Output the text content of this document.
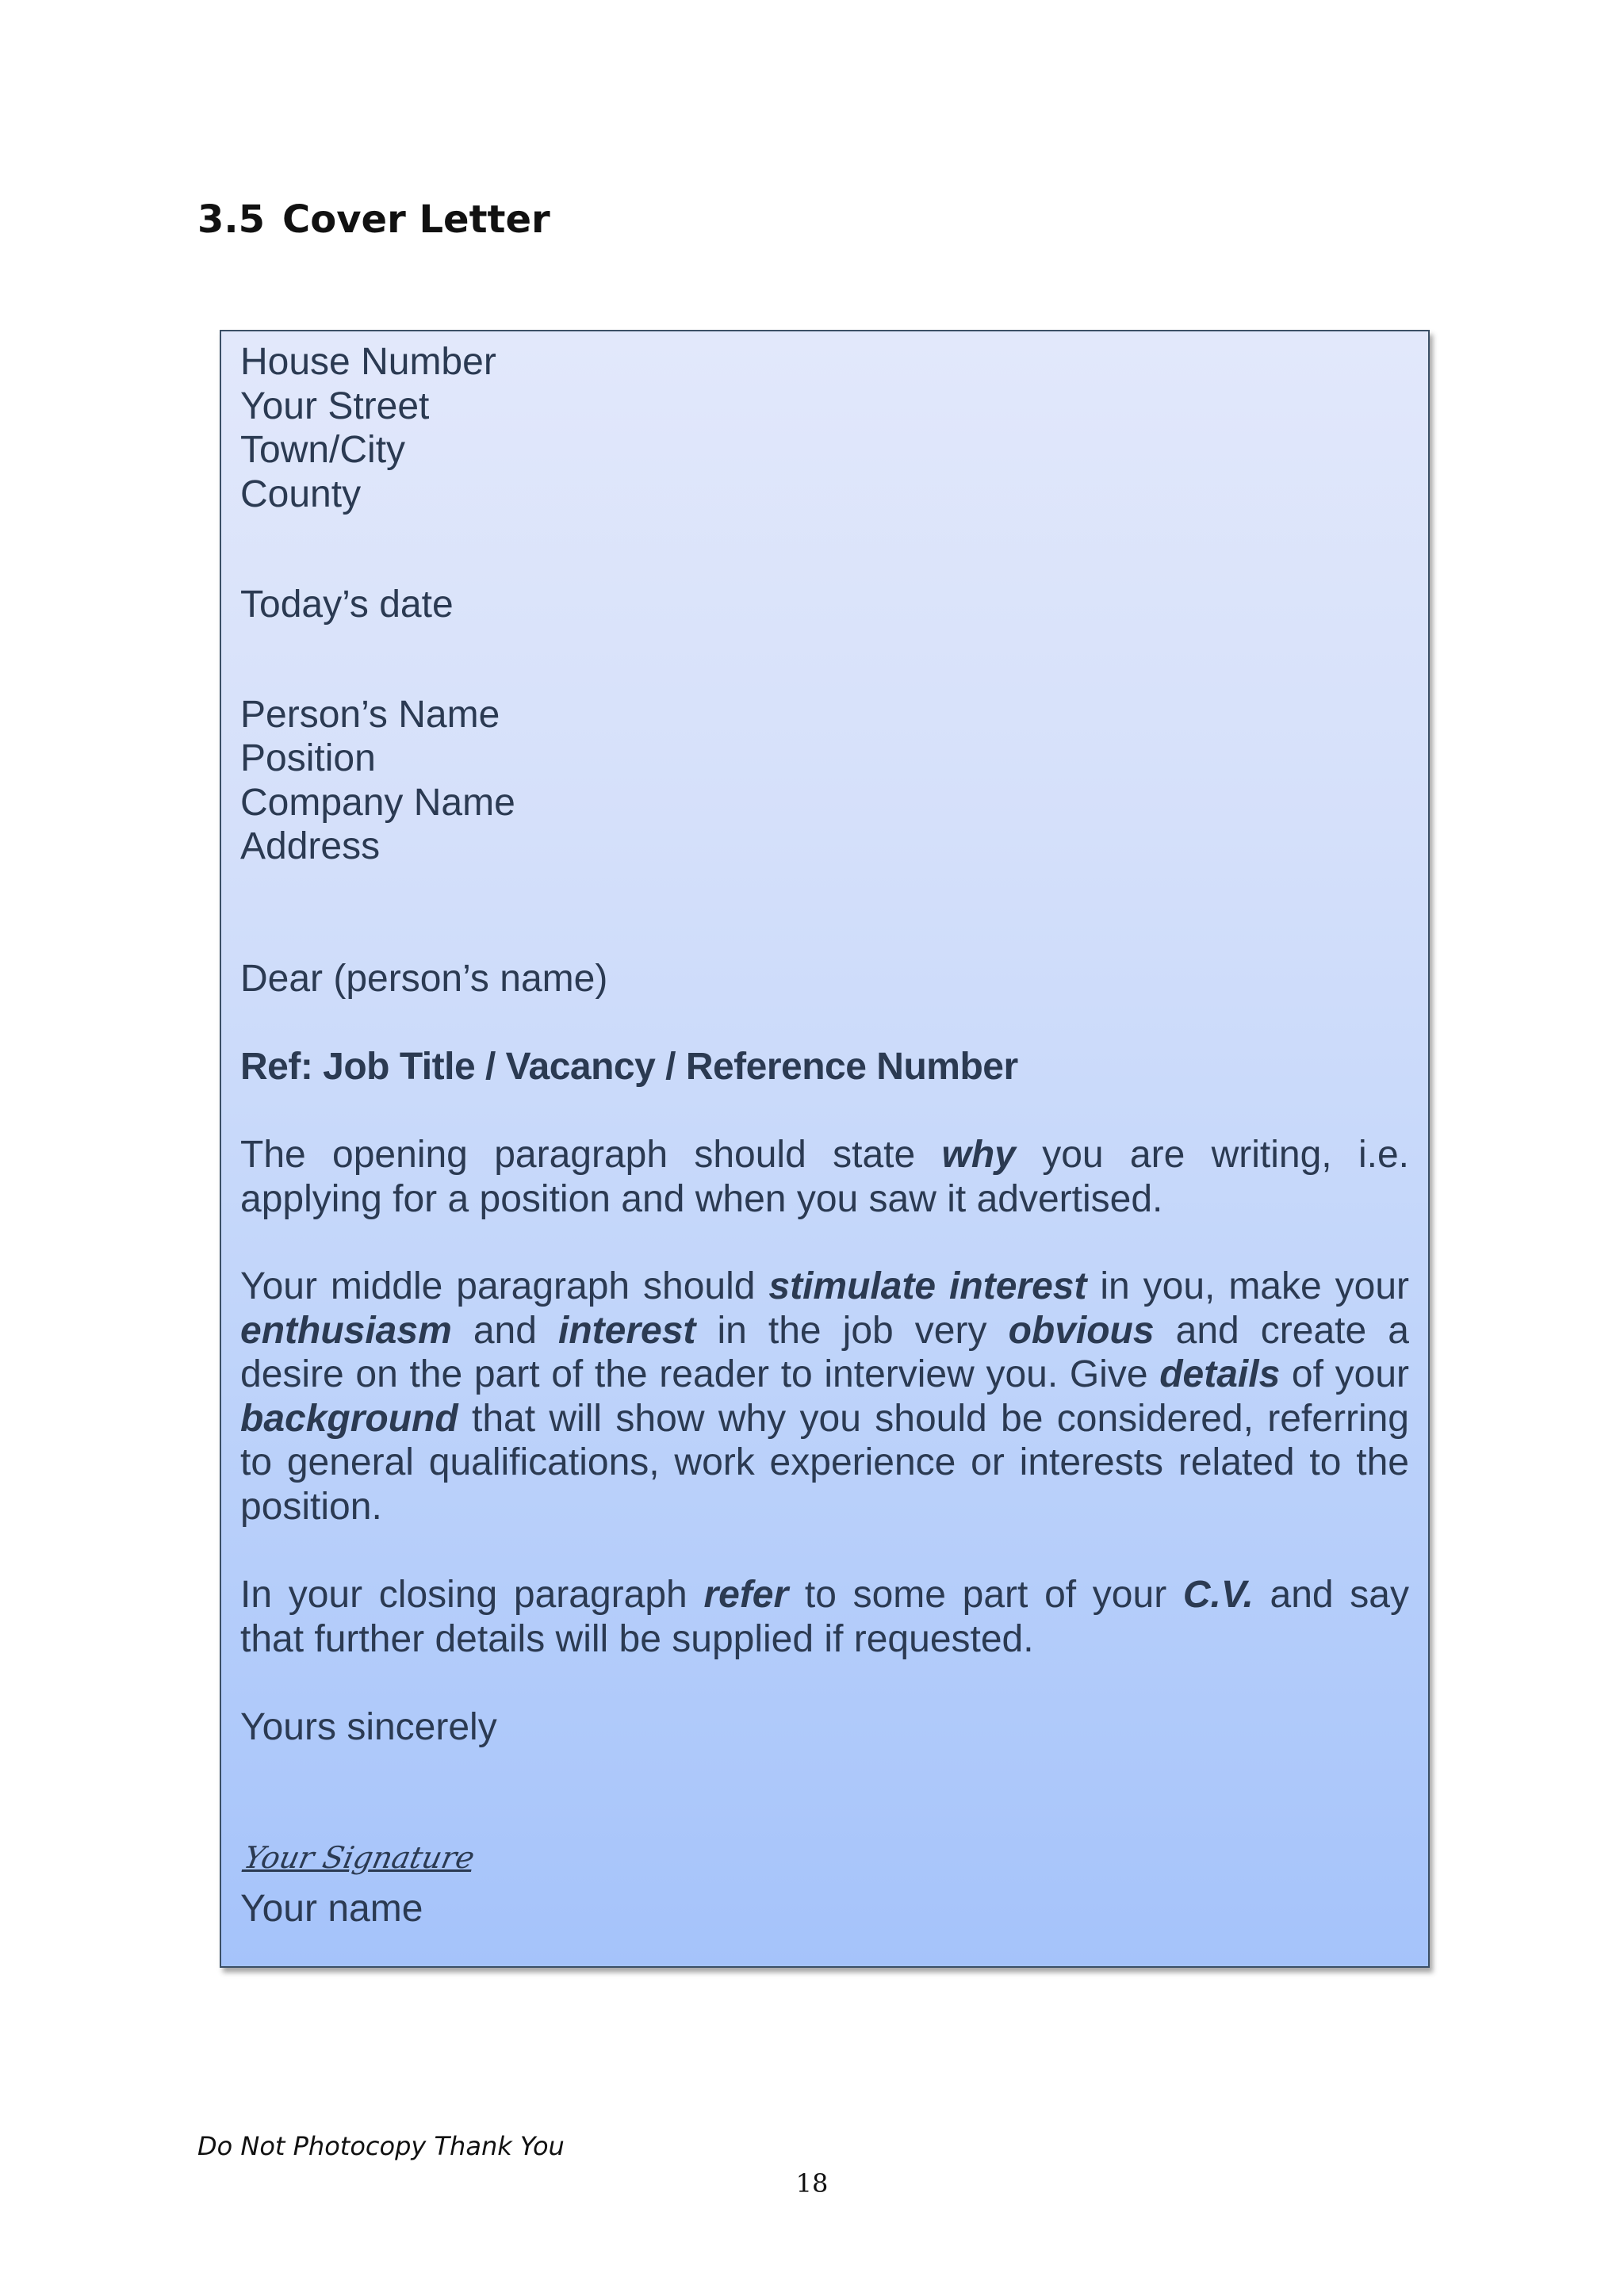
3.5 Cover Letter
House Number
Your Street
Town/City
County
Today’s date
Person’s Name
Position
Company Name
Address
Dear (person’s name)
Ref: Job Title / Vacancy / Reference Number
The opening paragraph should state why you are writing, i.e. applying for a position and when you saw it advertised.
Your middle paragraph should stimulate interest in you, make your enthusiasm and interest in the job very obvious and create a desire on the part of the reader to interview you. Give details of your background that will show why you should be considered, referring to general qualifications, work experience or interests related to the position.
In your closing paragraph refer to some part of your C.V. and say that further details will be supplied if requested.
Yours sincerely
Your Signature
Your name

Do Not Photocopy Thank You

18
